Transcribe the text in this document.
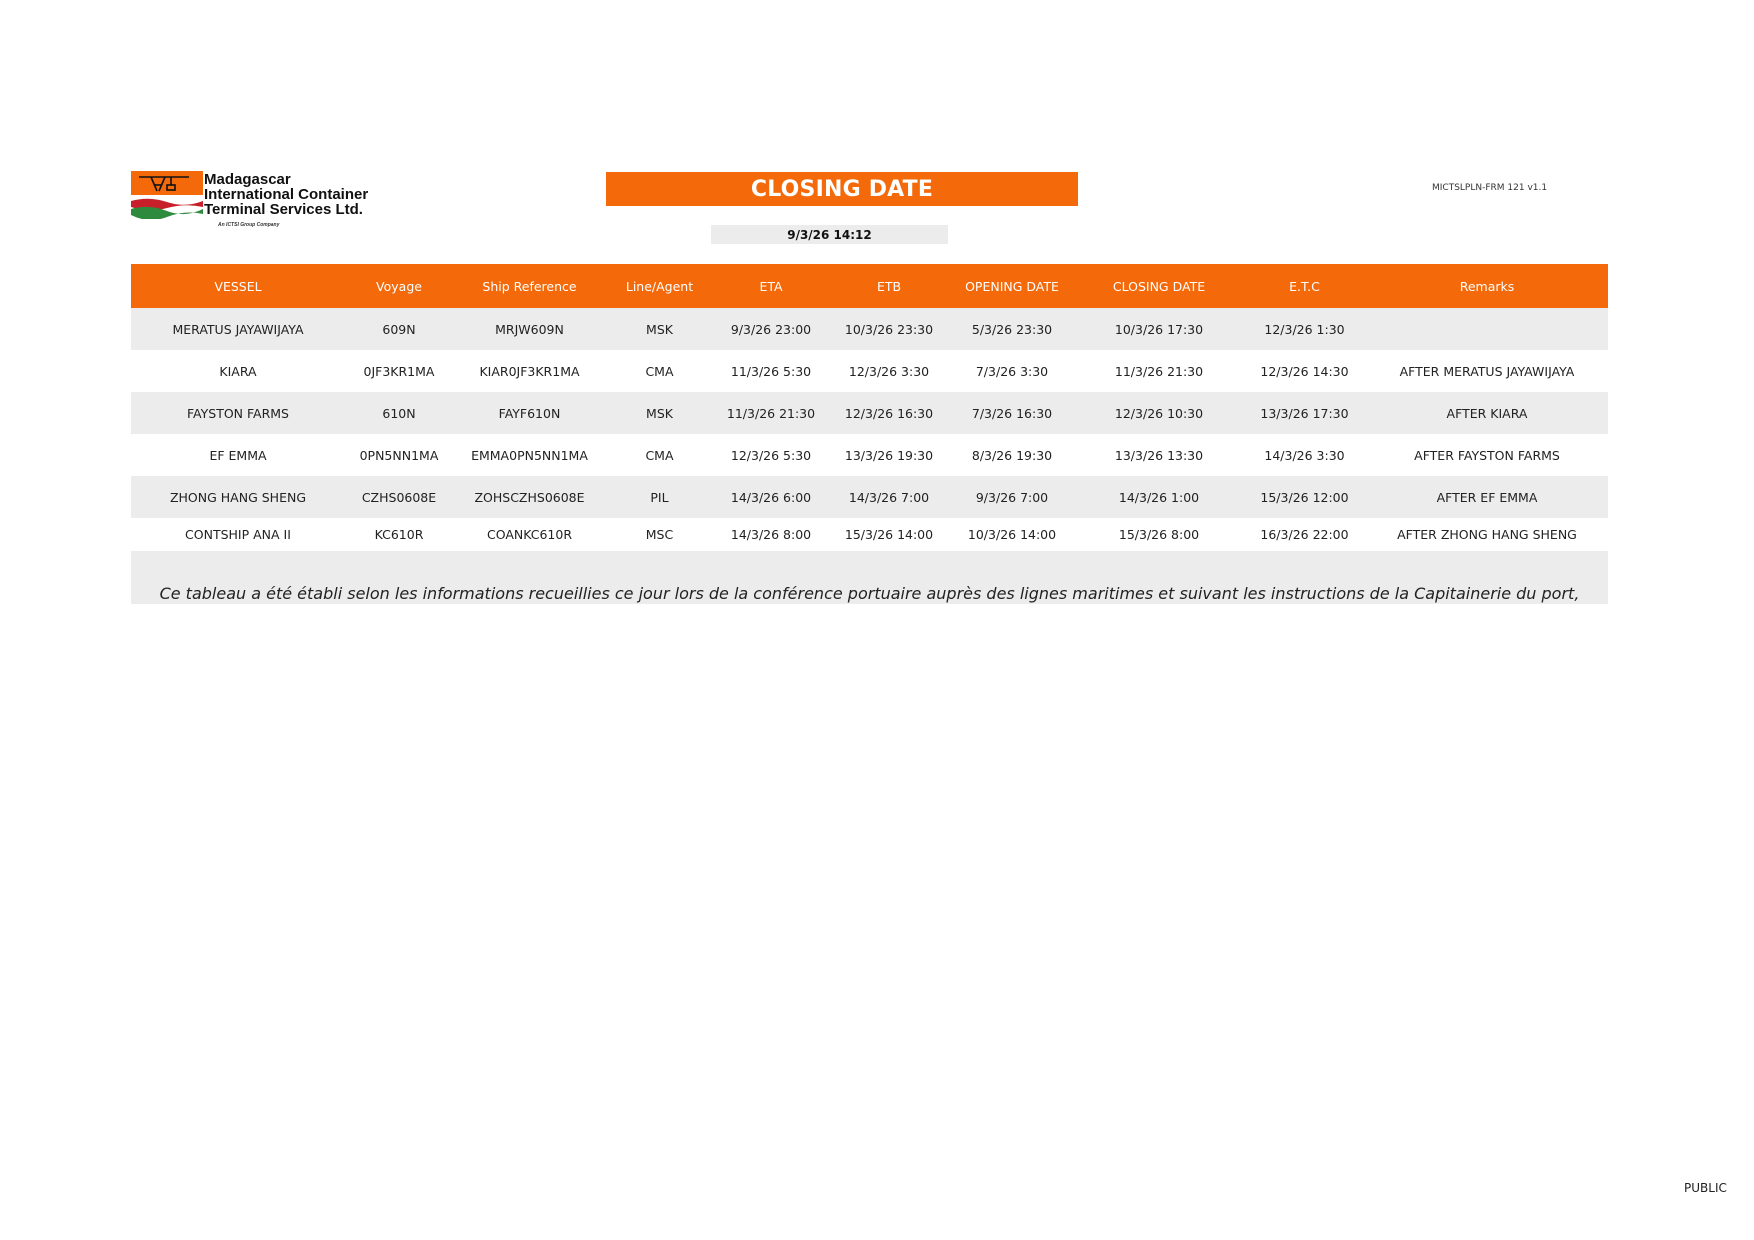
Madagascar
International Container
Terminal Services Ltd.
An ICTSI Group Company
CLOSING DATE	MICTSLPLN-FRM 121 v1.1
9/3/26 14:12
VESSEL	Voyage	Ship Reference	Line/Agent	ETA	ETB	OPENING DATE	CLOSING DATE	E.T.C	Remarks
MERATUS JAYAWIJAYA	609N	MRJW609N	MSK	9/3/26 23:00	10/3/26 23:30	5/3/26 23:30	10/3/26 17:30	12/3/26 1:30
KIARA	0JF3KR1MA	KIAR0JF3KR1MA	CMA	11/3/26 5:30	12/3/26 3:30	7/3/26 3:30	11/3/26 21:30	12/3/26 14:30	AFTER MERATUS JAYAWIJAYA
FAYSTON FARMS	610N	FAYF610N	MSK	11/3/26 21:30	12/3/26 16:30	7/3/26 16:30	12/3/26 10:30	13/3/26 17:30	AFTER KIARA
EF EMMA	0PN5NN1MA	EMMA0PN5NN1MA	CMA	12/3/26 5:30	13/3/26 19:30	8/3/26 19:30	13/3/26 13:30	14/3/26 3:30	AFTER FAYSTON FARMS
ZHONG HANG SHENG	CZHS0608E	ZOHSCZHS0608E	PIL	14/3/26 6:00	14/3/26 7:00	9/3/26 7:00	14/3/26 1:00	15/3/26 12:00	AFTER EF EMMA
CONTSHIP ANA II	KC610R	COANKC610R	MSC	14/3/26 8:00	15/3/26 14:00	10/3/26 14:00	15/3/26 8:00	16/3/26 22:00	AFTER ZHONG HANG SHENG
Ce tableau a été établi selon les informations recueillies ce jour lors de la conférence portuaire auprès des lignes maritimes et suivant les instructions de la Capitainerie du port,
PUBLIC
